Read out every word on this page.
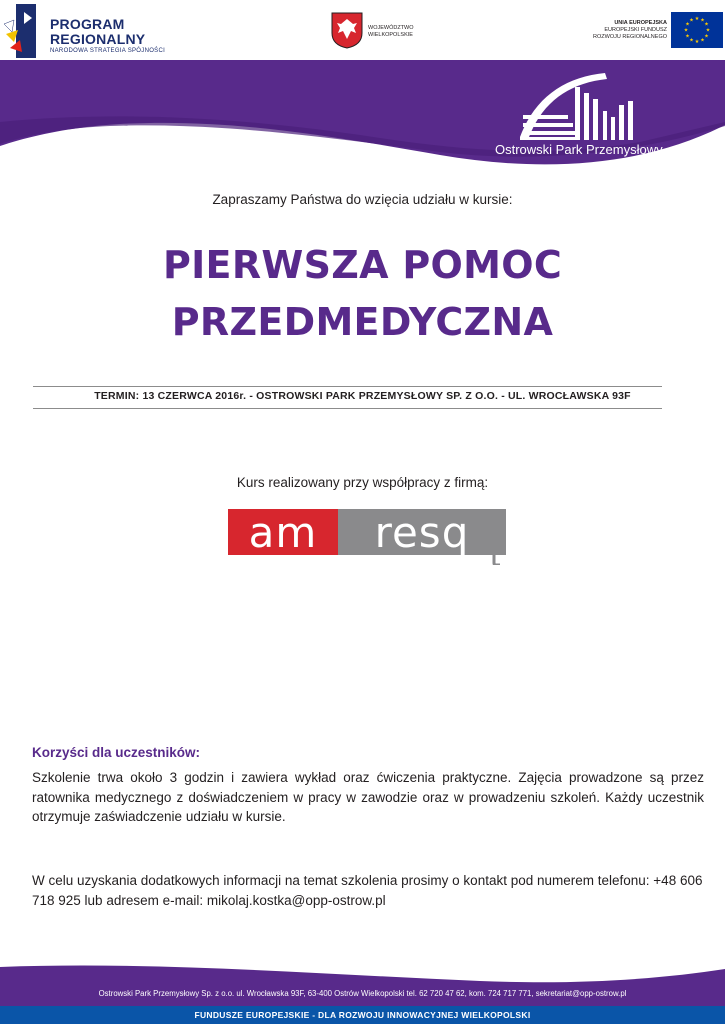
PROGRAM
REGIONALNY
NARODOWA STRATEGIA SPÓJNOŚCI
WOJEWÓDZTWO
WIELKOPOLSKIE
UNIA EUROPEJSKA
EUROPEJSKI FUNDUSZ
ROZWOJU REGIONALNEGO
★ ★
★
★
★
★
★
★
★
★
★
★
Ostrowski Park Przemysłowy
Zapraszamy Państwa do wzięcia udziału w kursie:
PIERWSZA POMOC
PRZEDMEDYCZNA
TERMIN: 13 CZERWCA 2016r. - OSTROWSKI PARK PRZEMYSŁOWY SP. Z O.O. - UL. WROCŁAWSKA 93F
Kurs realizowany przy współpracy z firmą:
am resq
Korzyści dla uczestników:
Szkolenie trwa około 3 godzin i zawiera wykład oraz ćwiczenia praktyczne. Zajęcia prowadzone są przez ratownika medycznego z doświadczeniem w pracy w zawodzie oraz w prowadzeniu szkoleń. Każdy uczestnik otrzymuje zaświadczenie udziału w kursie.
W celu uzyskania dodatkowych informacji na temat szkolenia prosimy o kontakt pod numerem telefonu: +48 606 718 925 lub adresem e-mail: mikolaj.kostka@opp-ostrow.pl
Ostrowski Park Przemysłowy Sp. z o.o. ul. Wrocławska 93F, 63-400 Ostrów Wielkopolski tel. 62 720 47 62, kom. 724 717 771, sekretariat@opp-ostrow.pl
FUNDUSZE EUROPEJSKIE - DLA ROZWOJU INNOWACYJNEJ WIELKOPOLSKI
